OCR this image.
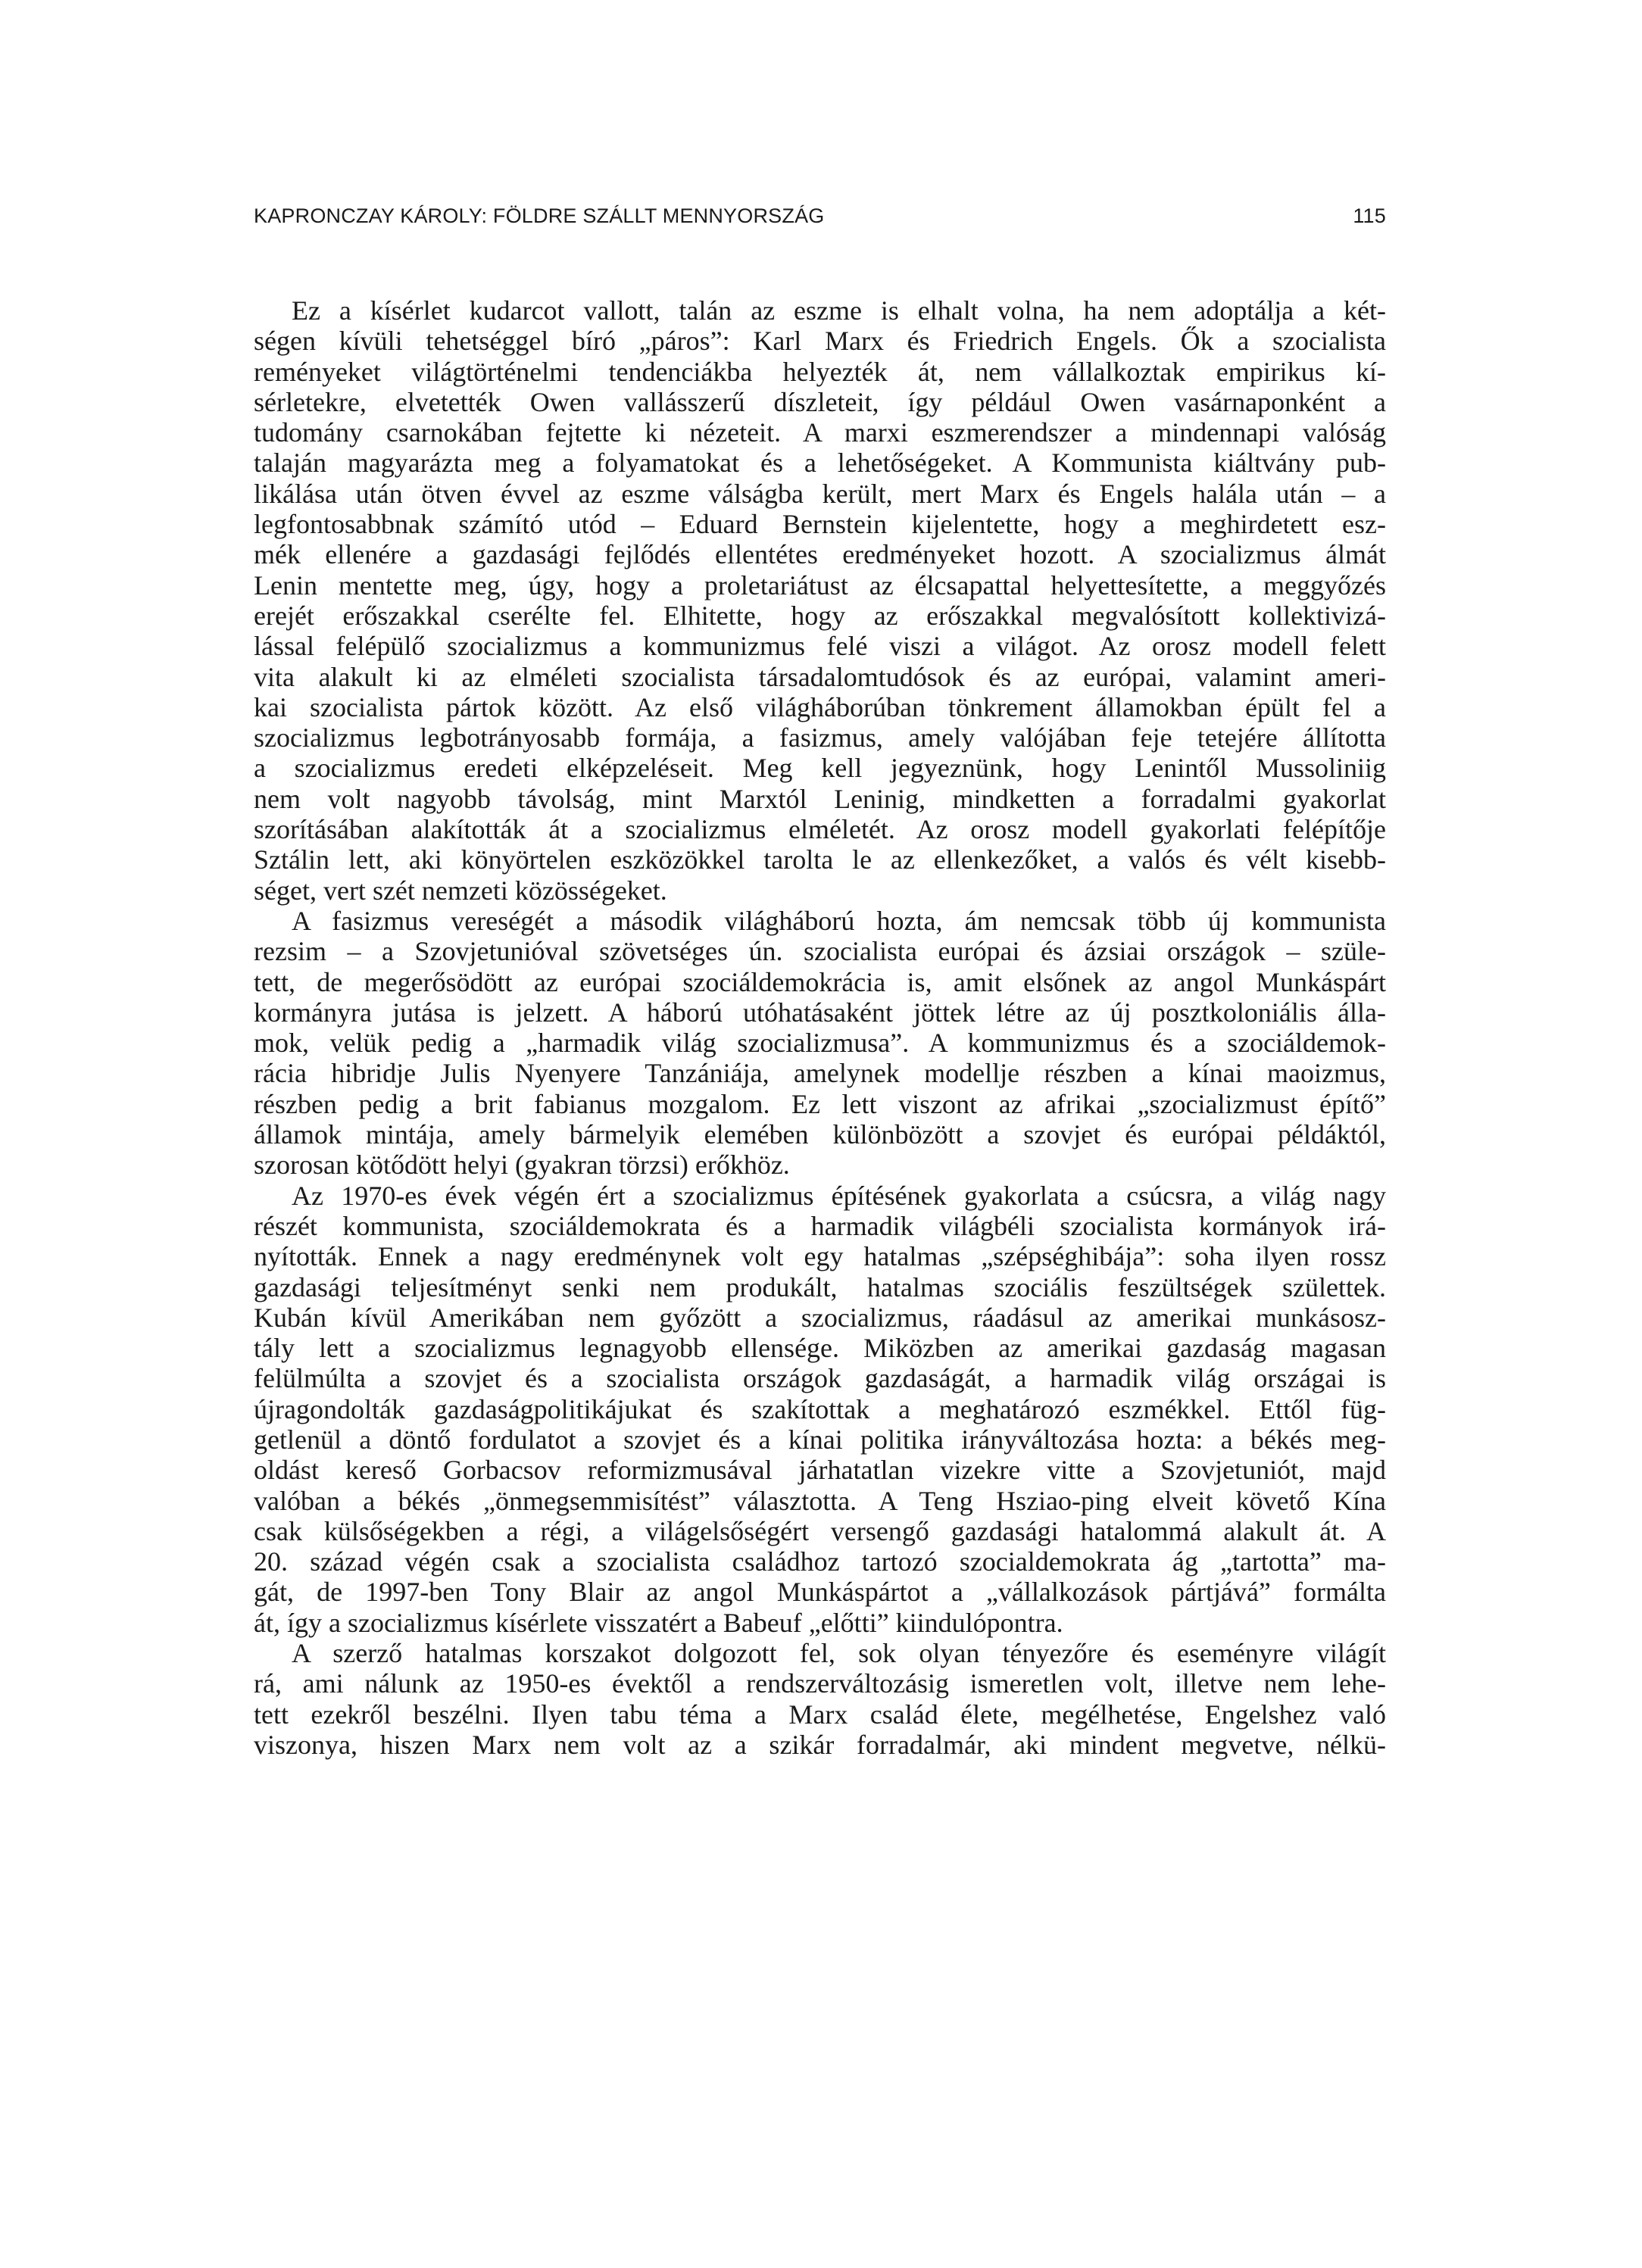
KAPRONCZAY KÁROLY: FÖLDRE SZÁLLT MENNYORSZÁG	115
Ez a kísérlet kudarcot vallott, talán az eszme is elhalt volna, ha nem adoptálja a két-
ségen kívüli tehetséggel bíró „páros”: Karl Marx és Friedrich Engels. Ők a szocialista
reményeket világtörténelmi tendenciákba helyezték át, nem vállalkoztak empirikus kí-
sérletekre, elvetették Owen vallásszerű díszleteit, így például Owen vasárnaponként a
tudomány csarnokában fejtette ki nézeteit. A marxi eszmerendszer a mindennapi valóság
talaján magyarázta meg a folyamatokat és a lehetőségeket. A Kommunista kiáltvány pub-
likálása után ötven évvel az eszme válságba került, mert Marx és Engels halála után – a
legfontosabbnak számító utód – Eduard Bernstein kijelentette, hogy a meghirdetett esz-
mék ellenére a gazdasági fejlődés ellentétes eredményeket hozott. A szocializmus álmát
Lenin mentette meg, úgy, hogy a proletariátust az élcsapattal helyettesítette, a meggyőzés
erejét erőszakkal cserélte fel. Elhitette, hogy az erőszakkal megvalósított kollektivizá-
lással felépülő szocializmus a kommunizmus felé viszi a világot. Az orosz modell felett
vita alakult ki az elméleti szocialista társadalomtudósok és az európai, valamint ameri-
kai szocialista pártok között. Az első világháborúban tönkrement államokban épült fel a
szocializmus legbotrányosabb formája, a fasizmus, amely valójában feje tetejére állította
a szocializmus eredeti elképzeléseit. Meg kell jegyeznünk, hogy Lenintől Mussoliniig
nem volt nagyobb távolság, mint Marxtól Leninig, mindketten a forradalmi gyakorlat
szorításában alakították át a szocializmus elméletét. Az orosz modell gyakorlati felépítője
Sztálin lett, aki könyörtelen eszközökkel tarolta le az ellenkezőket, a valós és vélt kisebb-
séget, vert szét nemzeti közösségeket.
A fasizmus vereségét a második világháború hozta, ám nemcsak több új kommunista
rezsim – a Szovjetunióval szövetséges ún. szocialista európai és ázsiai országok – szüle-
tett, de megerősödött az európai szociáldemokrácia is, amit elsőnek az angol Munkáspárt
kormányra jutása is jelzett. A háború utóhatásaként jöttek létre az új posztkoloniális álla-
mok, velük pedig a „harmadik világ szocializmusa”. A kommunizmus és a szociáldemok-
rácia hibridje Julis Nyenyere Tanzániája, amelynek modellje részben a kínai maoizmus,
részben pedig a brit fabianus mozgalom. Ez lett viszont az afrikai „szocializmust építő”
államok mintája, amely bármelyik elemében különbözött a szovjet és európai példáktól,
szorosan kötődött helyi (gyakran törzsi) erőkhöz.
Az 1970-es évek végén ért a szocializmus építésének gyakorlata a csúcsra, a világ nagy
részét kommunista, szociáldemokrata és a harmadik világbéli szocialista kormányok irá-
nyították. Ennek a nagy eredménynek volt egy hatalmas „szépséghibája”: soha ilyen rossz
gazdasági teljesítményt senki nem produkált, hatalmas szociális feszültségek születtek.
Kubán kívül Amerikában nem győzött a szocializmus, ráadásul az amerikai munkásosz-
tály lett a szocializmus legnagyobb ellensége. Miközben az amerikai gazdaság magasan
felülmúlta a szovjet és a szocialista országok gazdaságát, a harmadik világ országai is
újragondolták gazdaságpolitikájukat és szakítottak a meghatározó eszmékkel. Ettől füg-
getlenül a döntő fordulatot a szovjet és a kínai politika irányváltozása hozta: a békés meg-
oldást kereső Gorbacsov reformizmusával járhatatlan vizekre vitte a Szovjetuniót, majd
valóban a békés „önmegsemmisítést” választotta. A Teng Hsziao-ping elveit követő Kína
csak külsőségekben a régi, a világelsőségért versengő gazdasági hatalommá alakult át. A
20. század végén csak a szocialista családhoz tartozó szocialdemokrata ág „tartotta” ma-
gát, de 1997-ben Tony Blair az angol Munkáspártot a „vállalkozások pártjává” formálta
át, így a szocializmus kísérlete visszatért a Babeuf „előtti” kiindulópontra.
A szerző hatalmas korszakot dolgozott fel, sok olyan tényezőre és eseményre világít
rá, ami nálunk az 1950-es évektől a rendszerváltozásig ismeretlen volt, illetve nem lehe-
tett ezekről beszélni. Ilyen tabu téma a Marx család élete, megélhetése, Engelshez való
viszonya, hiszen Marx nem volt az a szikár forradalmár, aki mindent megvetve, nélkü-
